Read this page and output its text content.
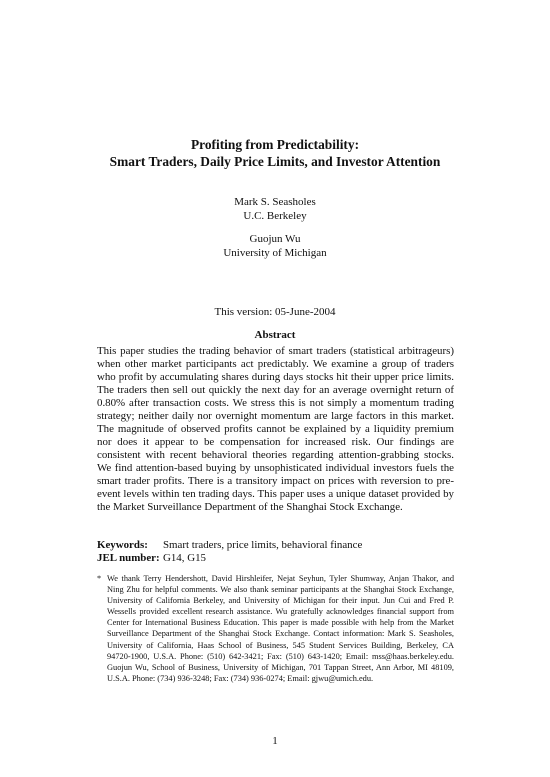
Profiting from Predictability:
Smart Traders, Daily Price Limits, and Investor Attention
Mark S. Seasholes
U.C. Berkeley
Guojun Wu
University of Michigan
This version: 05-June-2004
Abstract

This paper studies the trading behavior of smart traders (statistical arbitrageurs) when other market participants act predictably. We examine a group of traders who profit by accumulating shares during days stocks hit their upper price limits. The traders then sell out quickly the next day for an average overnight return of 0.80% after transaction costs. We stress this is not simply a momentum trading strategy; neither daily nor overnight momentum are large factors in this market. The magnitude of observed profits cannot be explained by a liquidity premium nor does it appear to be compensation for increased risk. Our findings are consistent with recent behavioral theories regarding attention-grabbing stocks. We find attention-based buying by unsophisticated individual investors fuels the smart trader profits. There is a transitory impact on prices with reversion to pre-event levels within ten trading days. This paper uses a unique dataset provided by the Market Surveillance Department of the Shanghai Stock Exchange.

Keywords: Smart traders, price limits, behavioral finance
JEL number: G14, G15
* We thank Terry Hendershott, David Hirshleifer, Nejat Seyhun, Tyler Shumway, Anjan Thakor, and Ning Zhu for helpful comments. We also thank seminar participants at the Shanghai Stock Exchange, University of California Berkeley, and University of Michigan for their input. Jun Cui and Fred P. Wessells provided excellent research assistance. Wu gratefully acknowledges financial support from Center for International Business Education. This paper is made possible with help from the Market Surveillance Department of the Shanghai Stock Exchange. Contact information: Mark S. Seasholes, University of California, Haas School of Business, 545 Student Services Building, Berkeley, CA 94720-1900, U.S.A. Phone: (510) 642-3421; Fax: (510) 643-1420; Email: mss@haas.berkeley.edu. Guojun Wu, School of Business, University of Michigan, 701 Tappan Street, Ann Arbor, MI 48109, U.S.A. Phone: (734) 936-3248; Fax: (734) 936-0274; Email: gjwu@umich.edu.
1
